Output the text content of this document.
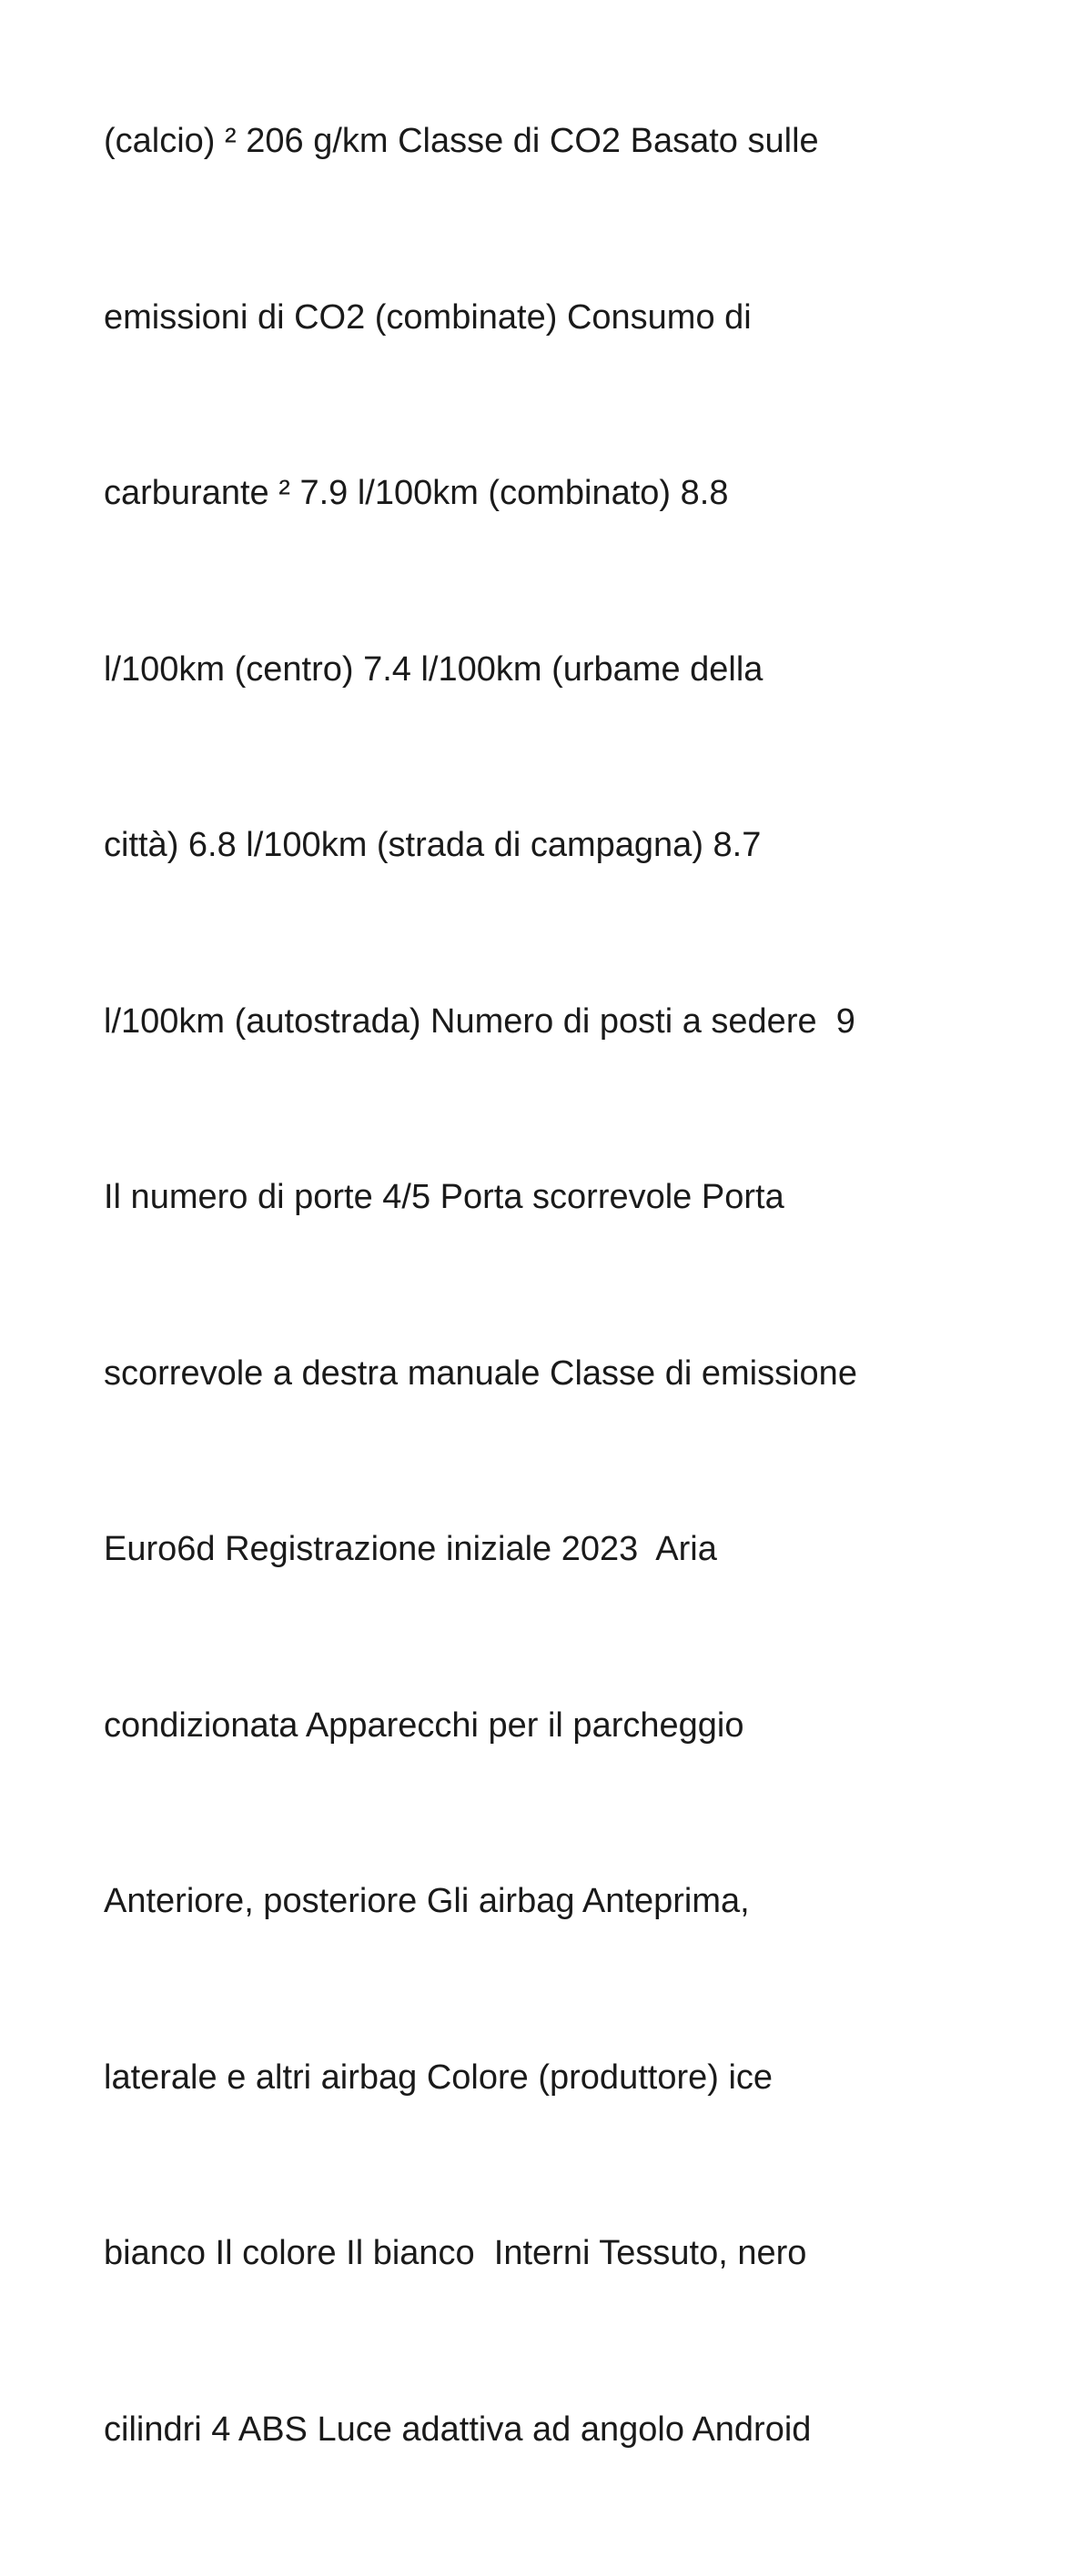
(calcio) ² 206 g/km Classe di CO2 Basato sulle

emissioni di CO2 (combinate) Consumo di

carburante ² 7.9 l/100km (combinato) 8.8

l/100km (centro) 7.4 l/100km (urbame della

città) 6.8 l/100km (strada di campagna) 8.7

l/100km (autostrada) Numero di posti a sedere  9

Il numero di porte 4/5 Porta scorrevole Porta

scorrevole a destra manuale Classe di emissione

Euro6d Registrazione iniziale 2023  Aria

condizionata Apparecchi per il parcheggio

Anteriore, posteriore Gli airbag Anteprima,

laterale e altri airbag Colore (produttore) ice

bianco Il colore Il bianco  Interni Tessuto, nero

cilindri 4 ABS Luce adattiva ad angolo Android
